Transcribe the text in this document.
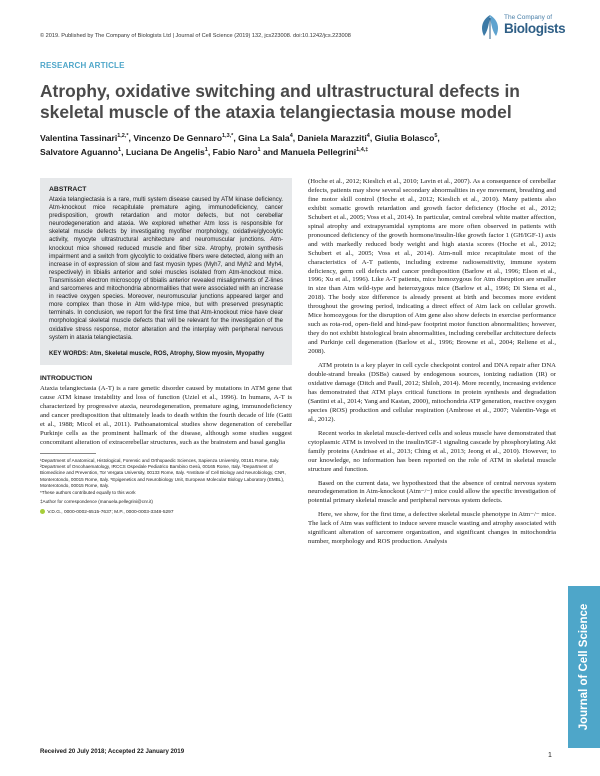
© 2019. Published by The Company of Biologists Ltd | Journal of Cell Science (2019) 132, jcs223008. doi:10.1242/jcs.223008
The Company of
Biologists
RESEARCH ARTICLE
Atrophy, oxidative switching and ultrastructural defects in skeletal muscle of the ataxia telangiectasia mouse model
Valentina Tassinari$^{1,2,*}$, Vincenzo De Gennaro$^{1,3,*}$, Gina La Sala$^4$, Daniela Marazziti$^4$, Giulia Bolasco$^5$,
Salvatore Aguanno$^1$, Luciana De Angelis$^1$, Fabio Naro$^1$ and Manuela Pellegrini$^{1,4,\ddagger}$
ABSTRACT

Ataxia telangiectasia is a rare, multi system disease caused by ATM kinase deficiency. Atm-knockout mice recapitulate premature aging, immunodeficiency, cancer predisposition, growth retardation and motor defects, but not cerebellar neurodegeneration and ataxia. We explored whether Atm loss is responsible for skeletal muscle defects by investigating myofiber morphology, oxidative/glycolytic activity, myocyte ultrastructural architecture and neuromuscular junctions. Atm-knockout mice showed reduced muscle and fiber size. Atrophy, protein synthesis impairment and a switch from glycolytic to oxidative fibers were detected, along with an increase in of expression of slow and fast myosin types (Myh7, and Myh2 and Myh4, respectively) in tibialis anterior and solei muscles isolated from Atm-knockout mice. Transmission electron microscopy of tibialis anterior revealed misalignments of Z-lines and sarcomeres and mitochondria abnormalities that were associated with an increase in reactive oxygen species. Moreover, neuromuscular junctions appeared larger and more complex than those in Atm wild-type mice, but with preserved presynaptic terminals. In conclusion, we report for the first time that Atm-knockout mice have clear morphological skeletal muscle defects that will be relevant for the investigation of the oxidative stress response, motor alteration and the interplay with peripheral nervous system in ataxia telangiectasia.

KEY WORDS: Atm, Skeletal muscle, ROS, Atrophy, Slow myosin, Myopathy
INTRODUCTION

Ataxia telangiectasia (A-T) is a rare genetic disorder caused by mutations in ATM gene that cause ATM kinase instability and loss of function (Uziel et al., 1996). In humans, A-T is characterized by progressive ataxia, neurodegeneration, premature aging, immunodeficiency and cancer predisposition that ultimately leads to death within the fourth decade of life (Gatti et al., 1988; Micol et al., 2011). Pathoanatomical studies show degeneration of cerebellar Purkinje cells as the prominent hallmark of the disease, although some studies suggest concomitant alteration of extracerebellar structures, such as the brainstem and basal ganglia

¹Department of Anatomical, Histological, Forensic and Orthopaedic Sciences, Sapienza University, 00161 Rome, Italy. ²Department of Oncohaematology, IRCCS Ospedale Pediatrico Bambino Gesù, 00165 Rome, Italy. ³Department of Biomedicine and Prevention, Tor Vergata University, 00133 Rome, Italy. ⁴Institute of Cell Biology and Neurobiology, CNR, Monterotondo, 00015 Rome, Italy. ⁵Epigenetics and Neurobiology Unit, European Molecular Biology Laboratory (EMBL), Monterotondo, 00015 Rome, Italy.

*These authors contributed equally to this work

‡Author for correspondence (manuela.pellegrini@cnr.it)

V.D.G., 0000-0002-6515-7637; M.P., 0000-0003-3348-5297
Received 20 July 2018; Accepted 22 January 2019

(Hoche et al., 2012; Kieslich et al., 2010; Lavin et al., 2007). As a consequence of cerebellar defects, patients may show several secondary abnormalities in eye movement, breathing and fine motor skill control (Hoche et al., 2012; Kieslich et al., 2010). Many patients also exhibit somatic growth retardation and growth factor deficiency (Hoche et al., 2012; Schubert et al., 2005; Voss et al., 2014). In particular, central cerebral white matter affection, spinal atrophy and extrapyramidal symptoms are more often observed in patients with pronounced deficiency of the growth hormone/insulin-like growth factor 1 (GH/IGF-1) axis and with markedly reduced body weight and high ataxia scores (Hoche et al., 2012; Schubert et al., 2005; Voss et al., 2014). Atm-null mice recapitulate most of the characteristics of A-T patients, including extreme radiosensitivity, immune system deficiency, germ cell defects and cancer predisposition (Barlow et al., 1996; Elson et al., 1996; Xu et al., 1996). Like A-T patients, mice homozygous for Atm disruption are smaller in size than Atm wild-type and heterozygous mice (Barlow et al., 1996; Di Siena et al., 2018). The body size difference is already present at birth and becomes more evident throughout the growing period, indicating a direct effect of Atm lack on cellular growth. Mice homozygous for the disruption of Atm gene also show defects in exercise performance such as rota-rod, open-field and hind-paw footprint motor function abnormalities; however, they do not exhibit histological brain abnormalities, including cerebellar architecture defects and Purkinje cell degeneration (Barlow et al., 1996; Browne et al., 2004; Reliene et al., 2008).

ATM protein is a key player in cell cycle checkpoint control and DNA repair after DNA double-strand breaks (DSBs) caused by endogenous sources, ionizing radiation (IR) or oxidative damage (Ditch and Paull, 2012; Shiloh, 2014). More recently, increasing evidence has demonstrated that ATM plays critical functions in protein synthesis and degradation (Santini et al., 2014; Yang and Kastan, 2000), mitochondria ATP generation, reactive oxygen species (ROS) production and cellular respiration (Ambrose et al., 2007; Valentin-Vega et al., 2012).

Recent works in skeletal muscle-derived cells and soleus muscle have demonstrated that cytoplasmic ATM is involved in the insulin/IGF-1 signaling cascade by phosphorylating Akt family proteins (Andrisse et al., 2013; Ching et al., 2013; Jeong et al., 2010). However, to our knowledge, no information has been reported on the role of ATM in skeletal muscle structure and function.

Based on the current data, we hypothesized that the absence of central nervous system neurodegeneration in Atm-knockout (Atm−/−) mice could allow the specific investigation of potential primary skeletal muscle and peripheral nervous system defects.

Here, we show, for the first time, a defective skeletal muscle phenotype in Atm−/− mice. The lack of Atm was sufficient to induce severe muscle wasting and atrophy associated with significant alteration of sarcomere organization, and significant changes in mitochondria number, morphology and ROS production. Analysis

Journal of Cell Science
1
